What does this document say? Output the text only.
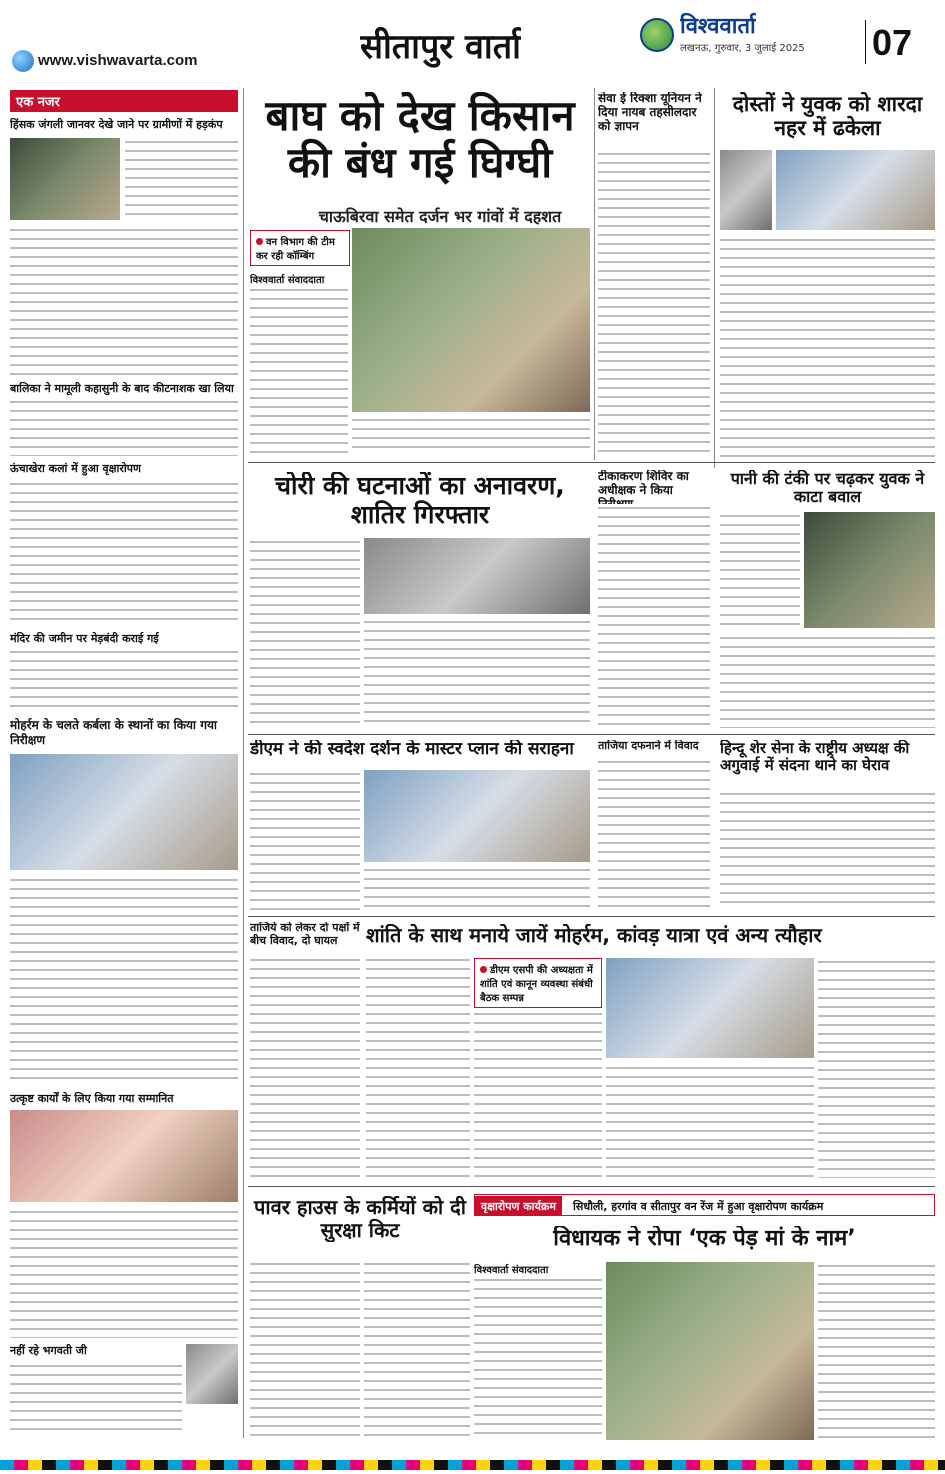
www.vishwavarta.com	सीतापुर वार्ता
विश्ववार्ता
लखनऊ, गुरुवार, 3 जुलाई 2025 07
एक नजर
हिंसक जंगली जानवर देखे जाने पर ग्रामीणों में हड़कंप
बालिका ने मामूली कहासुनी के बाद कीटनाशक खा लिया
ऊंचाखेरा कलां में हुआ वृक्षारोपण
मंदिर की जमीन पर मेड़बंदी कराई गई
मोहर्रम के चलते कर्बला के स्थानों का किया गया निरीक्षण
उत्कृष्ट कार्यों के लिए किया गया सम्मानित
नहीं रहे भगवती जी
बाघ को देख किसान की बंध गई घिग्घी
चाऊबिरवा समेत दर्जन भर गांवों में दहशत
वन विभाग की टीम कर रही कॉम्बिंग
विश्ववार्ता संवाददाता
सेवा ई रिक्शा यूनियन ने दिया नायब तहसीलदार को ज्ञापन
दोस्तों ने युवक को शारदा नहर में ढकेला
चोरी की घटनाओं का अनावरण, शातिर गिरफ्तार
टीकाकरण शिविर का अधीक्षक ने किया
पानी की टंकी पर चढ़कर युवक ने काटा बवाल
डीएम ने की स्वदेश दर्शन के मास्टर प्लान की सराहना	ताजिया दफनाने में विवाद	हिन्दू शेर सेना के राष्ट्रीय अध्यक्ष की अगुवाई में संदना थाने का घेराव
ताजिये को लेकर दो पक्षों में बीच विवाद, दो घायल	शांति के साथ मनाये जायें मोहर्रम, कांवड़ यात्रा एवं अन्य त्यौहार
डीएम एसपी की अध्यक्षता में शांति एवं कानून व्यवस्था संबंधी बैठक सम्पन्न
पावर हाउस के कर्मियों को दी सुरक्षा किट
वृक्षारोपण कार्यक्रम सिधौली, हरगांव व सीतापुर वन रेंज में हुआ वृक्षारोपण कार्यक्रम
विधायक ने रोपा ‘एक पेड़ मां के नाम’
विश्ववार्ता संवाददाता
